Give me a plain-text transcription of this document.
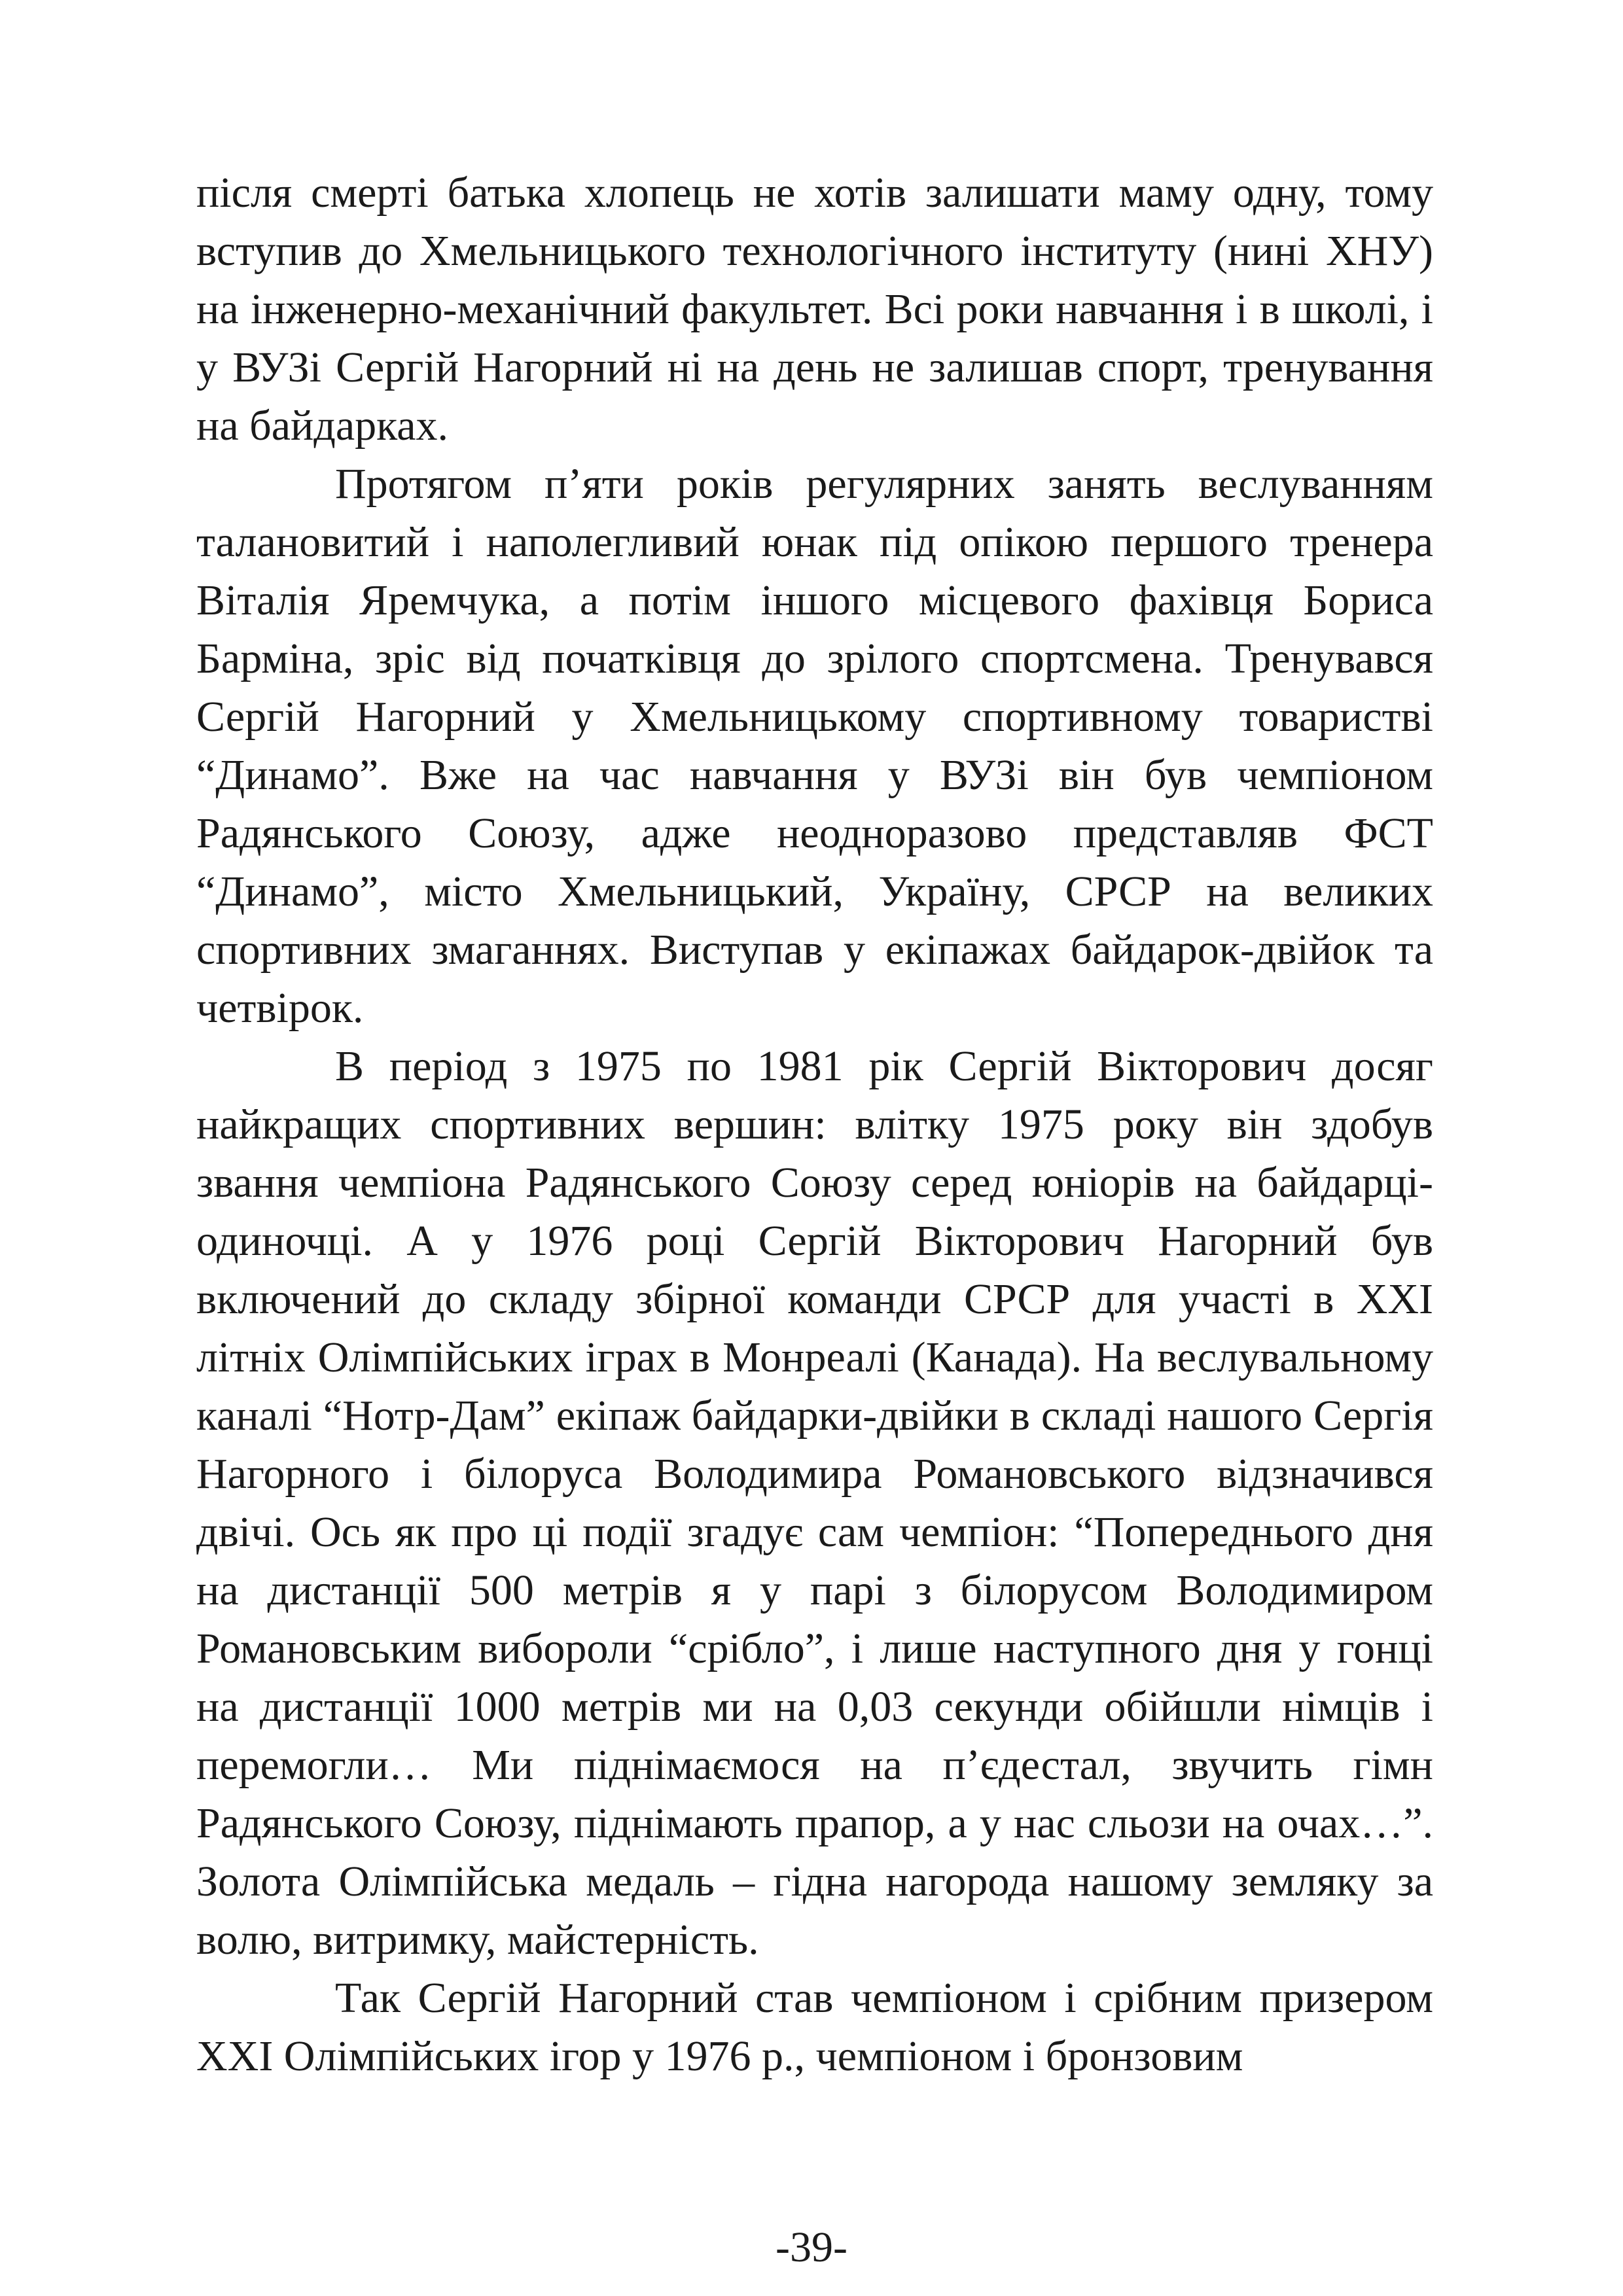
після смерті батька хлопець не хотів залишати маму одну, тому вступив до Хмельницького технологічного інституту (нині ХНУ) на інженерно-механічний факультет. Всі роки навчання і в школі, і у ВУЗі Сергій Нагорний ні на день не залишав спорт, тренування на байдарках.

Протягом п’яти років регулярних занять веслуванням талановитий і наполегливий юнак під опікою першого тренера Віталія Яремчука, а потім іншого місцевого фахівця Бориса Бармiна, зріс від початківця до зрілого спортсмена. Тренувався Сергій Нагорний у Хмельницькому спортивному товаристві “Динамо”. Вже на час навчання у ВУЗі він був чемпіоном Радянського Союзу, адже неодноразово представляв ФСТ “Динамо”, місто Хмельницький, Україну, СРСР на великих спортивних змаганнях. Виступав у екіпажах байдарок-двійок та четвірок.

В період з 1975 по 1981 рік Сергій Вікторович досяг найкращих спортивних вершин: влітку 1975 року він здобув звання чемпіона Радянського Союзу серед юніорів на байдарці-одиночці. А у 1976 році Сергій Вікторович Нагорний був включений до складу збірної команди СРСР для участі в ХХІ літніх Олімпійських іграх в Монреалі (Канада). На веслувальному каналі “Нотр-Дам” екіпаж байдарки-двійки в складі нашого Сергія Нагорного і білоруса Володимира Романовського відзначився двічі. Ось як про ці події згадує сам чемпіон: “Попереднього дня на дистанції 500 метрів я у парі з білорусом Володимиром Романовським вибороли “срібло”, і лише наступного дня у гонці на дистанції 1000 метрів ми на 0,03 секунди обійшли німців і перемогли… Ми піднімаємося на п’єдестал, звучить гімн Радянського Союзу, піднімають прапор, а у нас сльози на очах…”. Золота Олімпійська медаль – гідна нагорода нашому земляку за волю, витримку, майстерність.

Так Сергій Нагорний став чемпіоном і срібним призером ХХІ Олімпійських ігор у 1976 р., чемпіоном і бронзовим

-39-
